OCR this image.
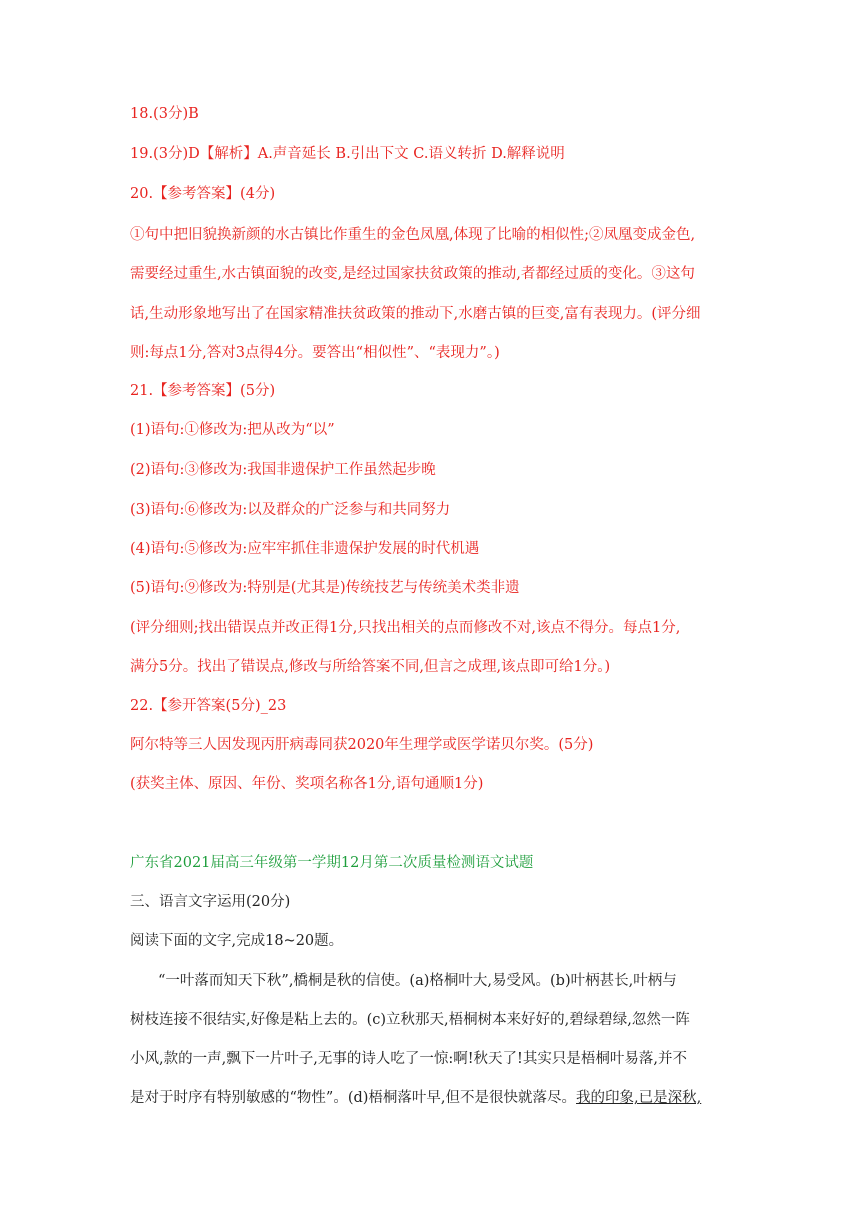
18.(3分)B
19.(3分)D【解析】A.声音延长 B.引出下文 C.语义转折 D.解释说明
20.【参考答案】(4分)
①句中把旧貌换新颜的水古镇比作重生的金色凤凰,体现了比喻的相似性;②凤凰变成金色,
需要经过重生,水古镇面貌的改变,是经过国家扶贫政策的推动,者都经过质的变化。③这句
话,生动形象地写出了在国家精准扶贫政策的推动下,水磨古镇的巨变,富有表现力。(评分细
则:每点1分,答对3点得4分。要答出“相似性”、“表现力”。)
21.【参考答案】(5分)
(1)语句:①修改为:把从改为“以”
(2)语句:③修改为:我国非遗保护工作虽然起步晚
(3)语句:⑥修改为:以及群众的广泛参与和共同努力
(4)语句:⑤修改为:应牢牢抓住非遗保护发展的时代机遇
(5)语句:⑨修改为:特别是(尤其是)传统技艺与传统美术类非遗
(评分细则;找出错误点并改正得1分,只找出相关的点而修改不对,该点不得分。每点1分,
满分5分。找出了错误点,修改与所给答案不同,但言之成理,该点即可给1分。)
22.【参开答案(5分)_23
阿尔特等三人因发现丙肝病毒同获2020年生理学或医学诺贝尔奖。(5分)
(获奖主体、原因、年份、奖项名称各1分,语句通顺1分)
广东省2021届高三年级第一学期12月第二次质量检测语文试题
三、语言文字运用(20分)
阅读下面的文字,完成18~20题。
“一叶落而知天下秋”,橋桐是秋的信使。(a)格桐叶大,易受风。(b)叶柄甚长,叶柄与
树枝连接不很结实,好像是粘上去的。(c)立秋那天,梧桐树本来好好的,碧绿碧绿,忽然一阵
小风,款的一声,飘下一片叶子,无事的诗人吃了一惊:啊!秋天了!其实只是梧桐叶易落,并不
是对于时序有特别敏感的“物性”。(d)梧桐落叶早,但不是很快就落尽。我的印象,已是深秋,
